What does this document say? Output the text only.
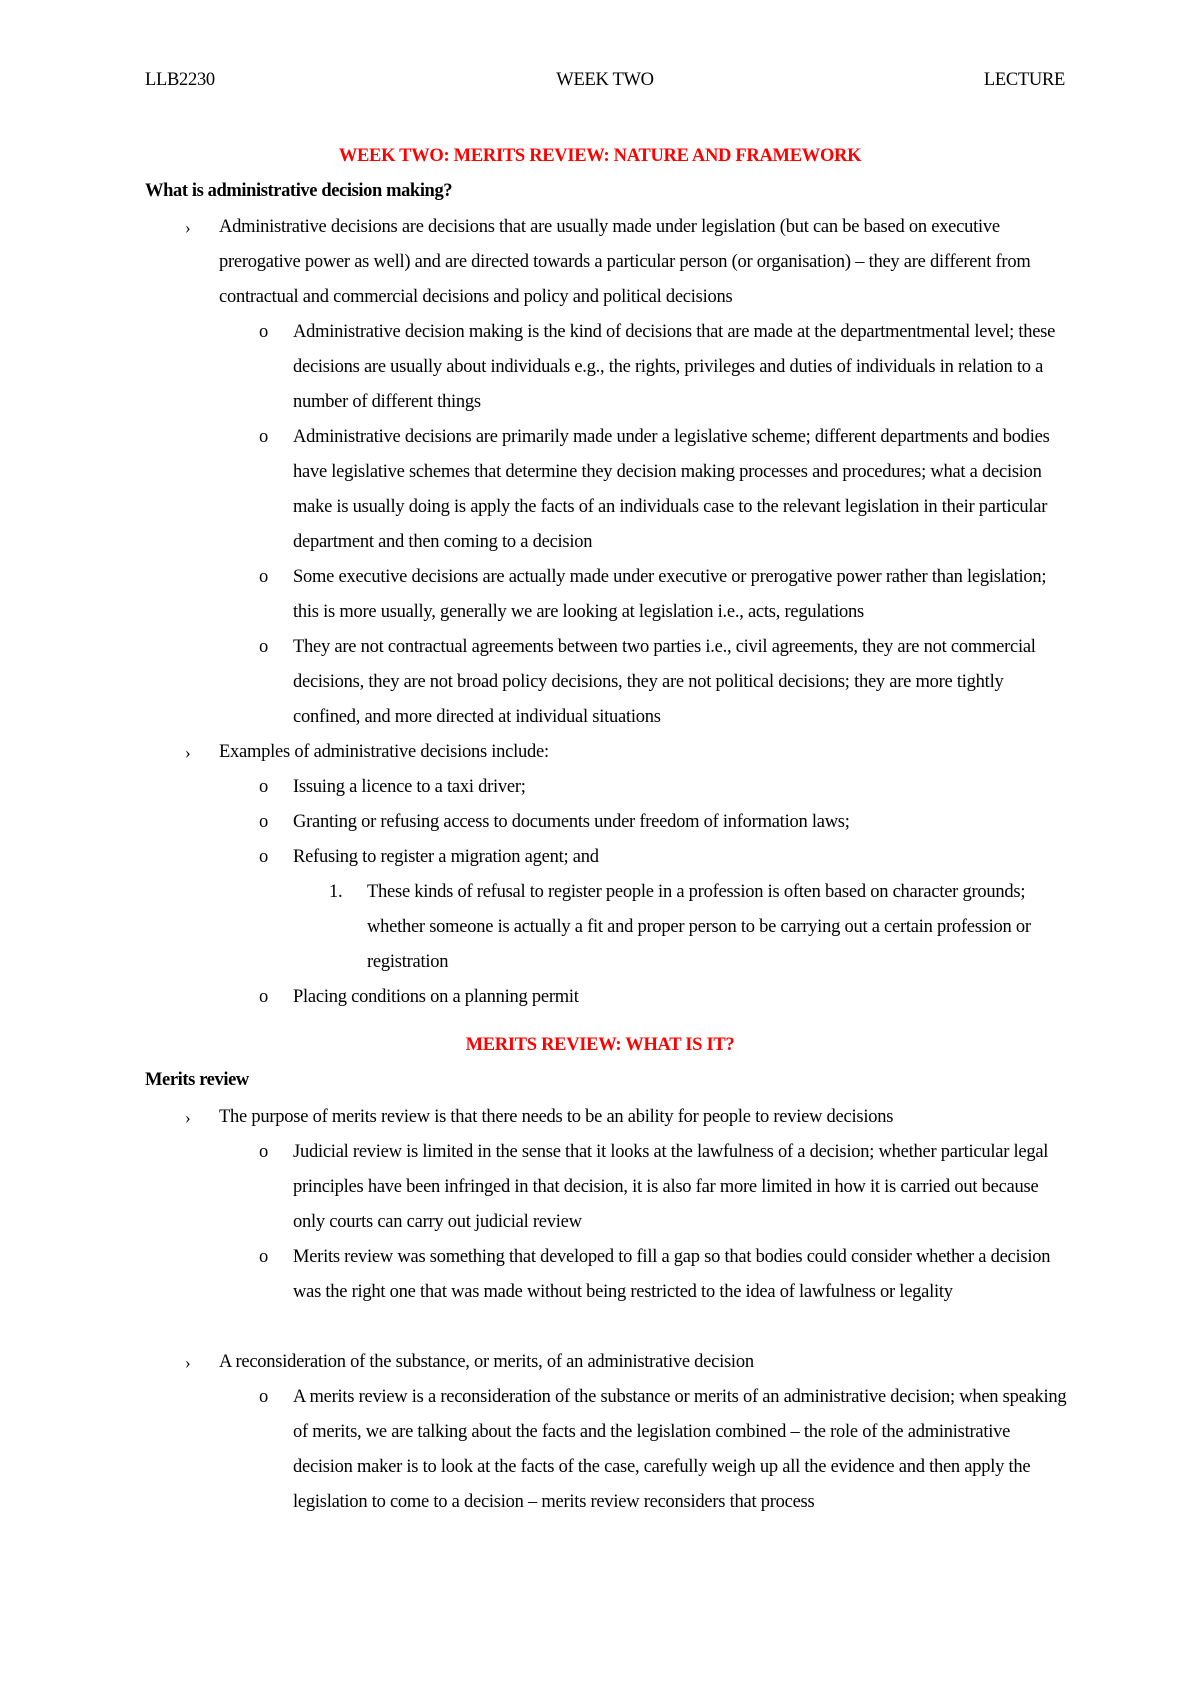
WEEK TWO
LLB2230	LECTURE
WEEK TWO: MERITS REVIEW: NATURE AND FRAMEWORK
What is administrative decision making?
› Administrative decisions are decisions that are usually made under legislation (but can be based on executive prerogative power as well) and are directed towards a particular person (or organisation) – they are different from contractual and commercial decisions and policy and political decisions
o Administrative decision making is the kind of decisions that are made at the departmentmental level; these decisions are usually about individuals e.g., the rights, privileges and duties of individuals in relation to a number of different things
o Administrative decisions are primarily made under a legislative scheme; different departments and bodies have legislative schemes that determine they decision making processes and procedures; what a decision make is usually doing is apply the facts of an individuals case to the relevant legislation in their particular department and then coming to a decision
o Some executive decisions are actually made under executive or prerogative power rather than legislation; this is more usually, generally we are looking at legislation i.e., acts, regulations
o They are not contractual agreements between two parties i.e., civil agreements, they are not commercial decisions, they are not broad policy decisions, they are not political decisions; they are more tightly confined, and more directed at individual situations
› Examples of administrative decisions include:
o Issuing a licence to a taxi driver;
o Granting or refusing access to documents under freedom of information laws;
o Refusing to register a migration agent; and
1. These kinds of refusal to register people in a profession is often based on character grounds; whether someone is actually a fit and proper person to be carrying out a certain profession or registration
o Placing conditions on a planning permit
MERITS REVIEW: WHAT IS IT?
Merits review
› The purpose of merits review is that there needs to be an ability for people to review decisions
o Judicial review is limited in the sense that it looks at the lawfulness of a decision; whether particular legal principles have been infringed in that decision, it is also far more limited in how it is carried out because only courts can carry out judicial review
o Merits review was something that developed to fill a gap so that bodies could consider whether a decision was the right one that was made without being restricted to the idea of lawfulness or legality
› A reconsideration of the substance, or merits, of an administrative decision
o A merits review is a reconsideration of the substance or merits of an administrative decision; when speaking of merits, we are talking about the facts and the legislation combined – the role of the administrative decision maker is to look at the facts of the case, carefully weigh up all the evidence and then apply the legislation to come to a decision – merits review reconsiders that process
